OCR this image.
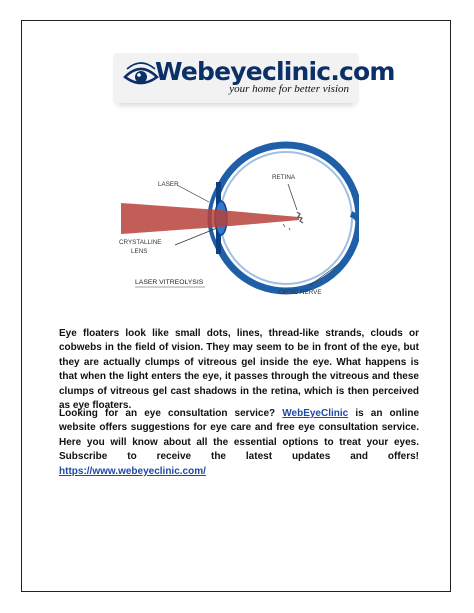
Webeyeclinic.com

your home for better vision

LASER
RETINA
CRYSTALLINE
LENS
LASER VITREOLYSIS
OPTIC NERVE

Eye floaters look like small dots, lines, thread-like strands, clouds or cobwebs in the field of vision. They may seem to be in front of the eye, but they are actually clumps of vitreous gel inside the eye. What happens is that when the light enters the eye, it passes through the vitreous and these clumps of vitreous gel cast shadows in the retina, which is then perceived as eye floaters.

Looking for an eye consultation service? WebEyeClinic is an online website offers suggestions for eye care and free eye consultation service. Here you will know about all the essential options to treat your eyes. Subscribe to receive the latest updates and offers! https://www.webeyeclinic.com/
